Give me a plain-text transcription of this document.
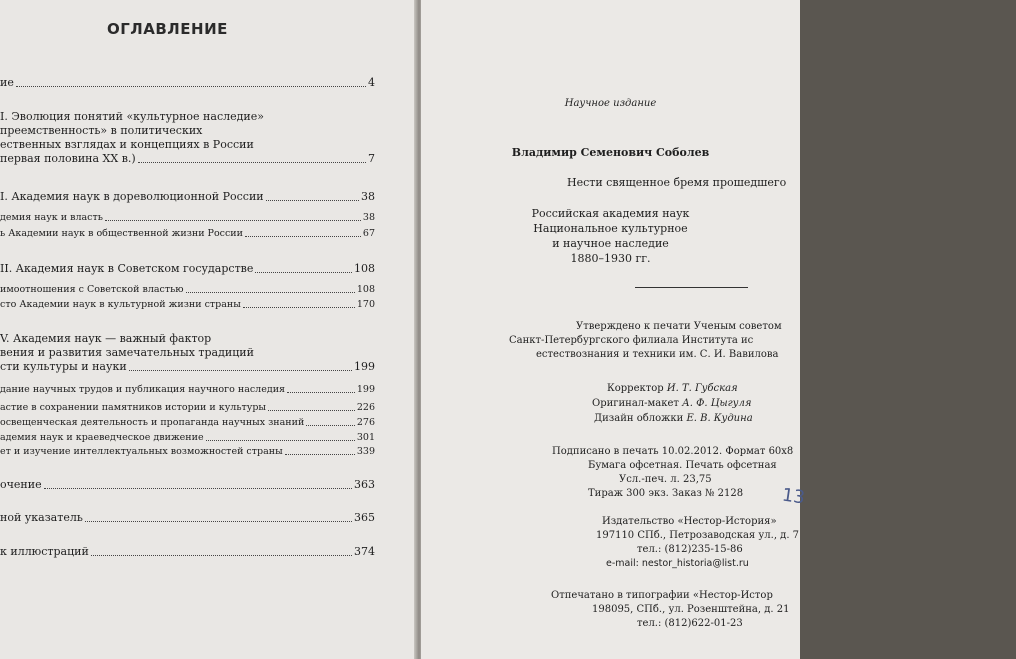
ОГЛАВЛЕНИЕ
ие	4
I. Эволюция понятий «культурное наследие»
преемственность» в политических
ественных взглядах и концепциях в России
первая половина XX в.)	7
I. Академия наук в дореволюционной России	38
демия наук и власть	38
ь Академии наук в общественной жизни России	67
II. Академия наук в Советском государстве	108
имоотношения с Советской властью	108
сто Академии наук в культурной жизни страны	170
V. Академия наук — важный фактор
вения и развития замечательных традиций
сти культуры и науки	199
дание научных трудов и публикация научного наследия	199
астие в сохранении памятников истории и культуры	226
освещенческая деятельность и пропаганда научных знаний	276
адемия наук и краеведческое движение	301
ет и изучение интеллектуальных возможностей страны	339
очение	363
ной указатель	365
к иллюстраций	374
Научное издание
Владимир Семенович Соболев
Нести священное бремя прошедшего
Российская академия наук
Национальное культурное
и научное наследие
1880–1930 гг.
Утверждено к печати Ученым советом
Санкт-Петербургского филиала Института ис
естествознания и техники им. С. И. Вавилова
Корректор И. Т. Губская
Оригинал-макет А. Ф. Цыгуля
Дизайн обложки Е. В. Кудина
Подписано в печать 10.02.2012. Формат 60х8
Бумага офсетная. Печать офсетная
Усл.-печ. л. 23,75
Тираж 300 экз. Заказ № 2128	13
Издательство «Нестор-История»
197110 СПб., Петрозаводская ул., д. 7
тел.: (812)235-15-86
e-mail: nestor_historia@list.ru
Отпечатано в типографии «Нестор-Истор
198095, СПб., ул. Розенштейна, д. 21
тел.: (812)622-01-23
